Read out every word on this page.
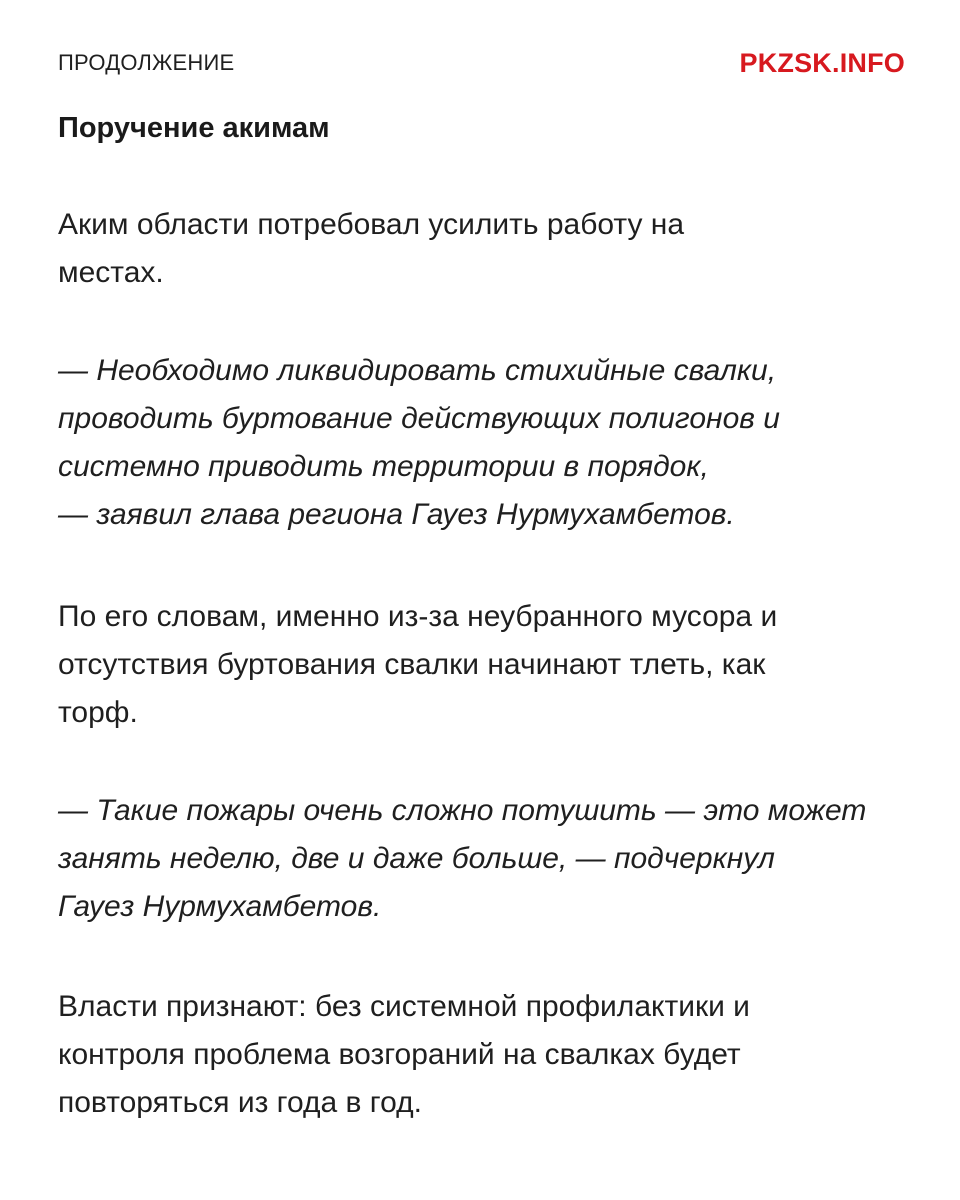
ПРОДОЛЖЕНИЕ	PKZSK.INFO
Поручение акимам

Аким области потребовал усилить работу на
местах.

— Необходимо ликвидировать стихийные свалки,
проводить буртование действующих полигонов и
системно приводить территории в порядок,
— заявил глава региона Гауез Нурмухамбетов.

По его словам, именно из-за неубранного мусора и
отсутствия буртования свалки начинают тлеть, как
торф.

— Такие пожары очень сложно потушить — это может
занять неделю, две и даже больше, — подчеркнул
Гауез Нурмухамбетов.

Власти признают: без системной профилактики и
контроля проблема возгораний на свалках будет
повторяться из года в год.
